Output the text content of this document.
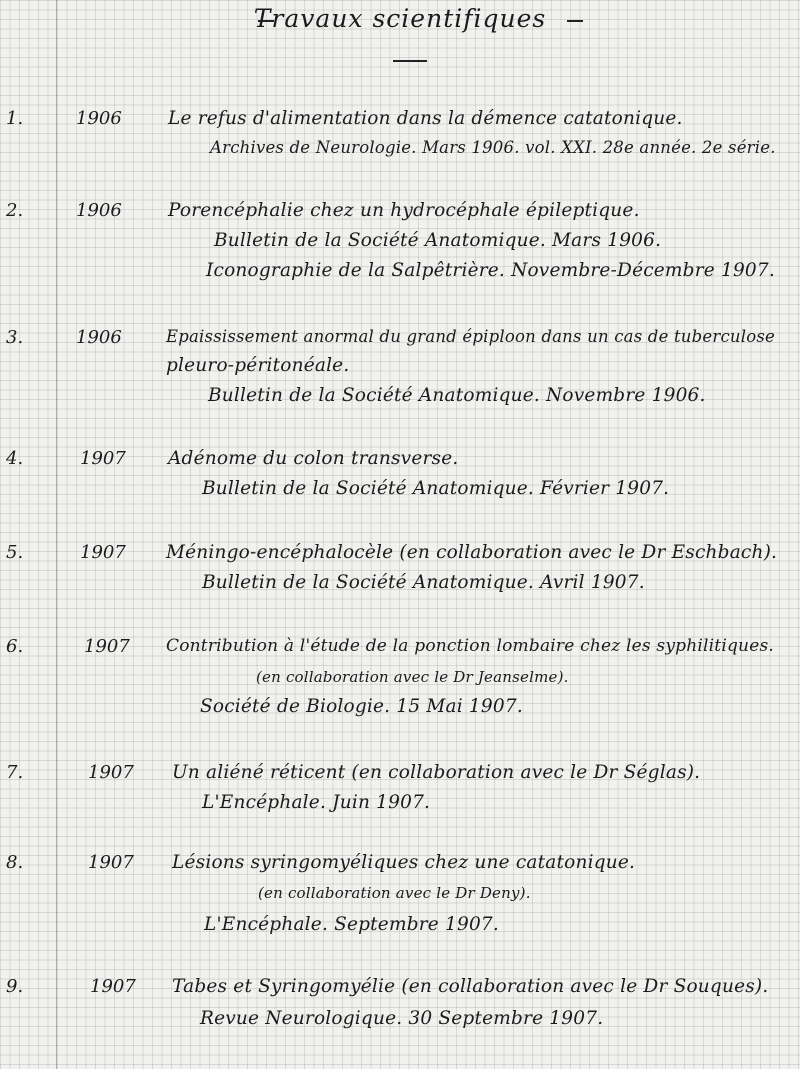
Travaux scientifiques
1.	1906 Le refus d'alimentation dans la démence catatonique.
Archives de Neurologie. Mars 1906. vol. XXI. 28e année. 2e série.
2.	1906 Porencéphalie chez un hydrocéphale épileptique.
Bulletin de la Société Anatomique. Mars 1906.
Iconographie de la Salpêtrière. Novembre-Décembre 1907.
3.	1906	Epaississement anormal du grand épiploon dans un cas de tuberculose
pleuro-péritonéale.
Bulletin de la Société Anatomique. Novembre 1906.
4.	1907 Adénome du colon transverse.
Bulletin de la Société Anatomique. Février 1907.
5.	1907 Méningo-encéphalocèle (en collaboration avec le Dr Eschbach).
Bulletin de la Société Anatomique. Avril 1907.
6.	1907 Contribution à l'étude de la ponction lombaire chez les syphilitiques.
(en collaboration avec le Dr Jeanselme).
Société de Biologie. 15 Mai 1907.
7.	1907 Un aliéné réticent (en collaboration avec le Dr Séglas).
L'Encéphale. Juin 1907.
8.	1907 Lésions syringomyéliques chez une catatonique.
(en collaboration avec le Dr Deny).
L'Encéphale. Septembre 1907.
9.	1907 Tabes et Syringomyélie (en collaboration avec le Dr Souques).
Revue Neurologique. 30 Septembre 1907.
